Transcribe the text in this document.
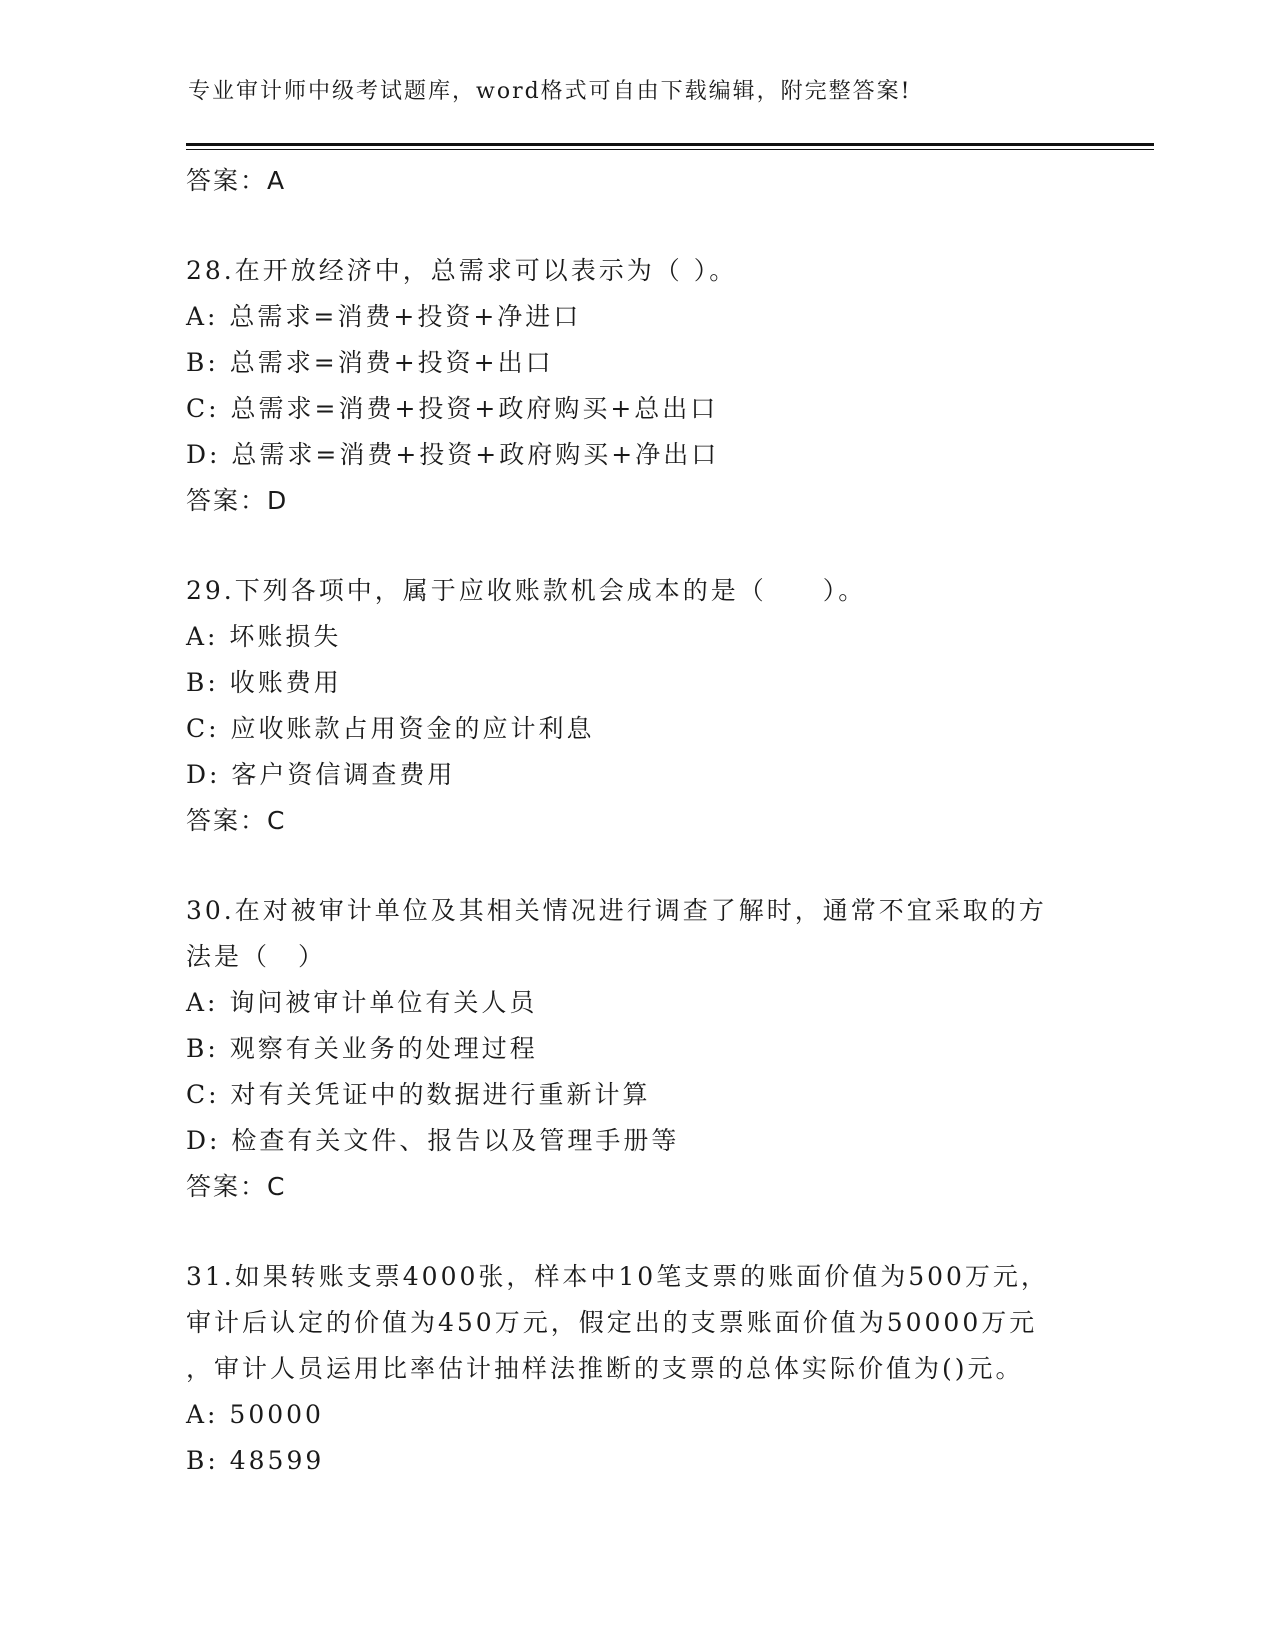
专业审计师中级考试题库，word格式可自由下载编辑，附完整答案!
答案：A
28.在开放经济中，总需求可以表示为（ ）。
A: 总需求=消费+投资+净进口
B: 总需求=消费+投资+出口
C: 总需求=消费+投资+政府购买+总出口
D: 总需求=消费+投资+政府购买+净出口
答案：D
29.下列各项中，属于应收账款机会成本的是（　　）。
A: 坏账损失
B: 收账费用
C: 应收账款占用资金的应计利息
D: 客户资信调查费用
答案：C
30.在对被审计单位及其相关情况进行调查了解时，通常不宜采取的方
法是（　）
A: 询问被审计单位有关人员
B: 观察有关业务的处理过程
C: 对有关凭证中的数据进行重新计算
D: 检查有关文件、报告以及管理手册等
答案：C
31.如果转账支票4000张，样本中10笔支票的账面价值为500万元，
审计后认定的价值为450万元，假定出的支票账面价值为50000万元
，审计人员运用比率估计抽样法推断的支票的总体实际价值为()元。
A: 50000
B: 48599
